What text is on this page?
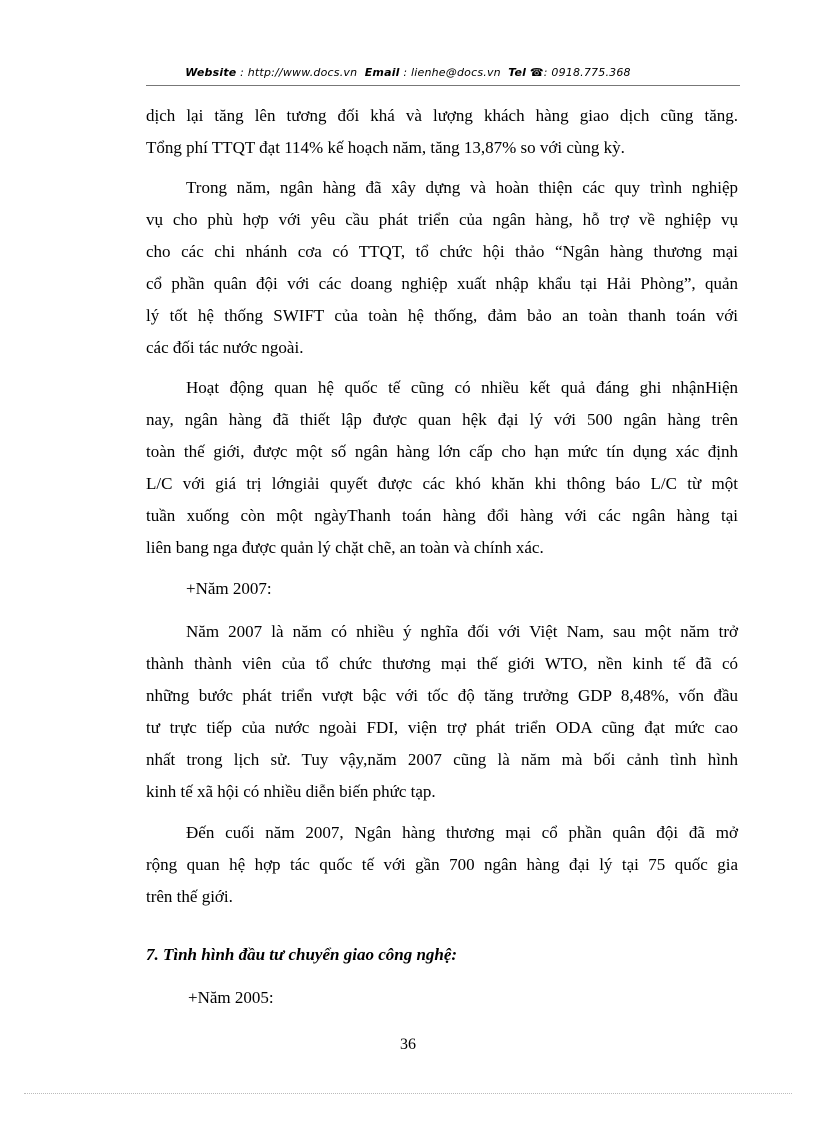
Website : http://www.docs.vn Email : lienhe@docs.vn Tel ☎: 0918.775.368

dịch lại tăng lên tương đối khá và lượng khách hàng giao dịch cũng tăng.
Tổng phí TTQT đạt 114% kế hoạch năm, tăng 13,87% so với cùng kỳ.

Trong năm, ngân hàng đã xây dựng và hoàn thiện các quy trình nghiệp
vụ cho phù hợp với yêu cầu phát triển của ngân hàng, hỗ trợ về nghiệp vụ
cho các chi nhánh cơa có TTQT, tổ chức hội thảo “Ngân hàng thương mại
cổ phần quân đội với các doang nghiệp xuất nhập khẩu tại Hải Phòng”, quản
lý tốt hệ thống SWIFT của toàn hệ thống, đảm bảo an toàn thanh toán với
các đối tác nước ngoài.

Hoạt động quan hệ quốc tế cũng có nhiều kết quả đáng ghi nhậnHiện
nay, ngân hàng đã thiết lập được quan hệk đại lý với 500 ngân hàng trên
toàn thế giới, được một số ngân hàng lớn cấp cho hạn mức tín dụng xác định
L/C với giá trị lớngiải quyết được các khó khăn khi thông báo L/C từ một
tuần xuống còn một ngàyThanh toán hàng đổi hàng với các ngân hàng tại
liên bang nga được quản lý chặt chẽ, an toàn và chính xác.

+Năm 2007:

Năm 2007 là năm có nhiều ý nghĩa đối với Việt Nam, sau một năm trở
thành thành viên của tổ chức thương mại thế giới WTO, nền kinh tế đã có
những bước phát triển vượt bậc với tốc độ tăng trưởng GDP 8,48%, vốn đầu
tư trực tiếp của nước ngoài FDI, viện trợ phát triển ODA cũng đạt mức cao
nhất trong lịch sử. Tuy vậy,năm 2007 cũng là năm mà bối cảnh tình hình
kinh tế xã hội có nhiều diễn biến phức tạp.

Đến cuối năm 2007, Ngân hàng thương mại cổ phần quân đội đã mở
rộng quan hệ hợp tác quốc tế với gần 700 ngân hàng đại lý tại 75 quốc gia
trên thế giới.

7. Tình hình đầu tư chuyển giao công nghệ:

+Năm 2005:

36
